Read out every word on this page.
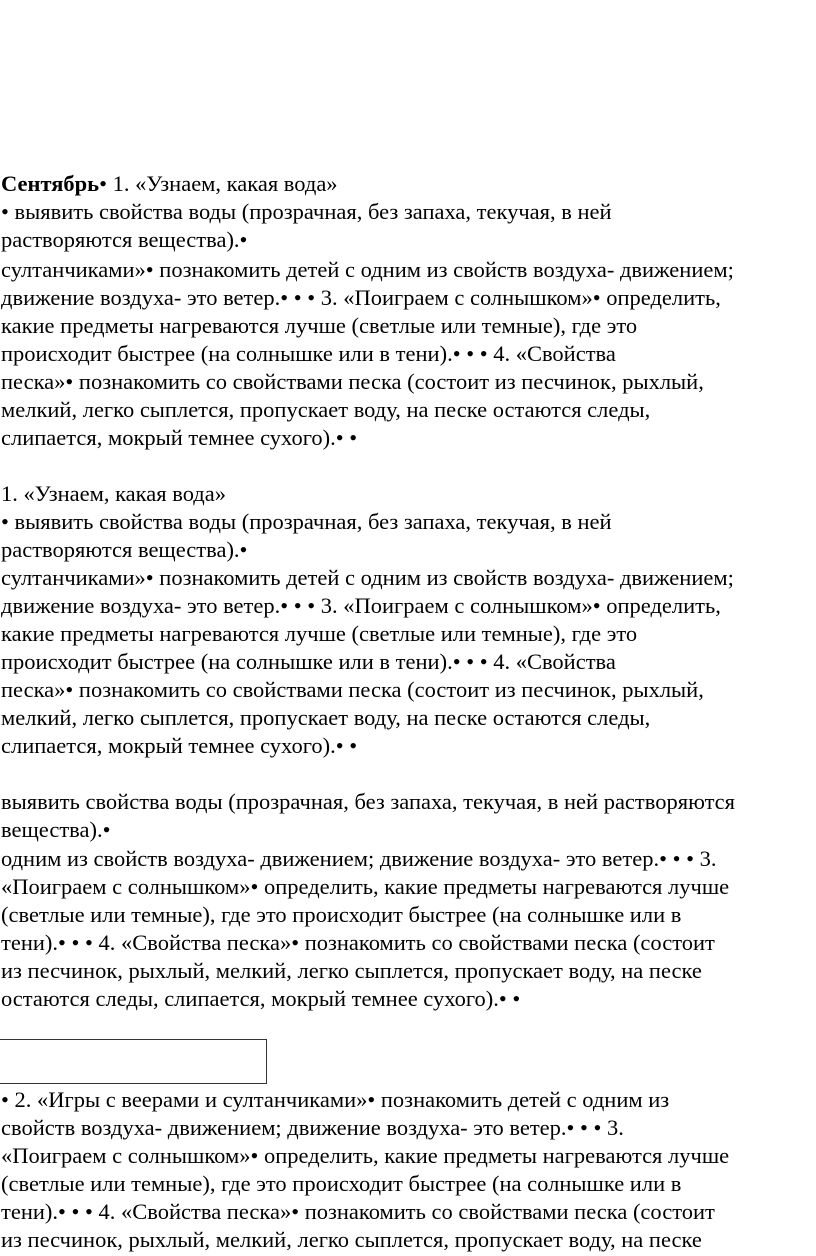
Сентябрь• 1. «Узнаем, какая вода»

• выявить свойства воды (прозрачная, без запаха, текучая, в ней

растворяются вещества).•

султанчиками»• познакомить детей с одним из свойств воздуха- движением;

движение воздуха- это ветер.• • • 3. «Поиграем с солнышком»• определить,

какие предметы нагреваются лучше (светлые или темные), где это

происходит быстрее (на солнышке или в тени).• • • 4. «Свойства

песка»• познакомить со свойствами песка (состоит из песчинок, рыхлый,

мелкий, легко сыплется, пропускает воду, на песке остаются следы,

слипается, мокрый темнее сухого).• •

1. «Узнаем, какая вода»

• выявить свойства воды (прозрачная, без запаха, текучая, в ней

растворяются вещества).•

султанчиками»• познакомить детей с одним из свойств воздуха- движением;

движение воздуха- это ветер.• • • 3. «Поиграем с солнышком»• определить,

какие предметы нагреваются лучше (светлые или темные), где это

происходит быстрее (на солнышке или в тени).• • • 4. «Свойства

песка»• познакомить со свойствами песка (состоит из песчинок, рыхлый,

мелкий, легко сыплется, пропускает воду, на песке остаются следы,

слипается, мокрый темнее сухого).• •

выявить свойства воды (прозрачная, без запаха, текучая, в ней растворяются

вещества).•

одним из свойств воздуха- движением; движение воздуха- это ветер.• • • 3.

«Поиграем с солнышком»• определить, какие предметы нагреваются лучше

(светлые или темные), где это происходит быстрее (на солнышке или в

тени).• • • 4. «Свойства песка»• познакомить со свойствами песка (состоит

из песчинок, рыхлый, мелкий, легко сыплется, пропускает воду, на песке

остаются следы, слипается, мокрый темнее сухого).• •

• 2. «Игры с веерами и султанчиками»• познакомить детей с одним из

свойств воздуха- движением; движение воздуха- это ветер.• • • 3.

«Поиграем с солнышком»• определить, какие предметы нагреваются лучше

(светлые или темные), где это происходит быстрее (на солнышке или в

тени).• • • 4. «Свойства песка»• познакомить со свойствами песка (состоит

из песчинок, рыхлый, мелкий, легко сыплется, пропускает воду, на песке
